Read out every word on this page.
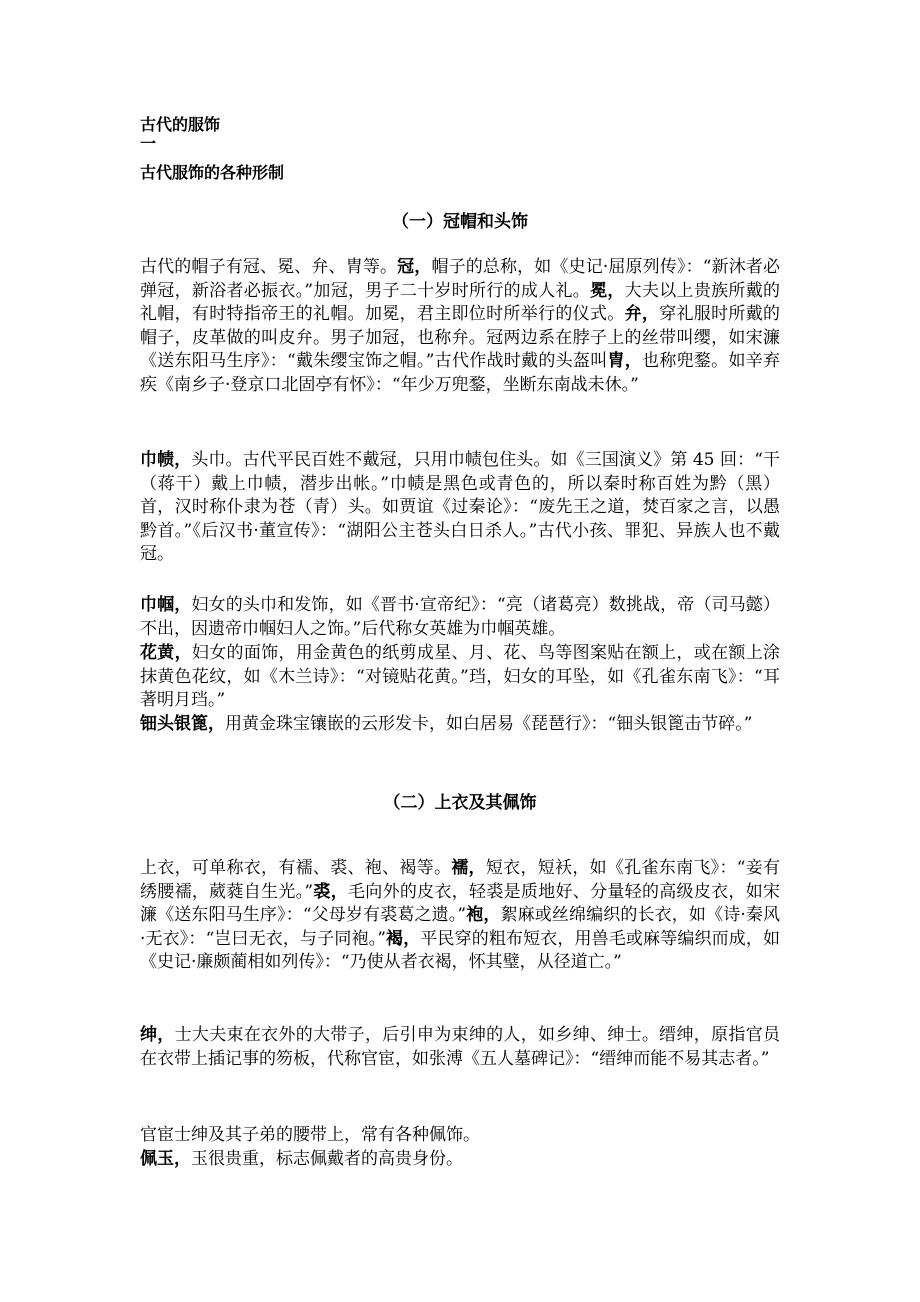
古代的服饰

一

古代服饰的各种形制

（一）冠帽和头饰

古代的帽子有冠、冕、弁、胄等。冠，帽子的总称，如《史记·屈原列传》：“新沐者必弹冠，新浴者必振衣。”加冠，男子二十岁时所行的成人礼。冕，大夫以上贵族所戴的礼帽，有时特指帝王的礼帽。加冕，君主即位时所举行的仪式。弁，穿礼服时所戴的帽子，皮革做的叫皮弁。男子加冠，也称弁。冠两边系在脖子上的丝带叫缨，如宋濂《送东阳马生序》：“戴朱缨宝饰之帽。”古代作战时戴的头盔叫胄，也称兜鍪。如辛弃疾《南乡子·登京口北固亭有怀》：“年少万兜鍪，坐断东南战未休。”

巾帻，头巾。古代平民百姓不戴冠，只用巾帻包住头。如《三国演义》第 45 回：“干（蒋干）戴上巾帻，潜步出帐。”巾帻是黑色或青色的，所以秦时称百姓为黔（黑）首，汉时称仆隶为苍（青）头。如贾谊《过秦论》：“废先王之道，焚百家之言，以愚黔首。”《后汉书·董宣传》：“湖阳公主苍头白日杀人。”古代小孩、罪犯、异族人也不戴冠。

巾帼，妇女的头巾和发饰，如《晋书·宣帝纪》：“亮（诸葛亮）数挑战，帝（司马懿）不出，因遗帝巾帼妇人之饰。”后代称女英雄为巾帼英雄。

花黄，妇女的面饰，用金黄色的纸剪成星、月、花、鸟等图案贴在额上，或在额上涂抹黄色花纹，如《木兰诗》：“对镜贴花黄。”珰，妇女的耳坠，如《孔雀东南飞》：“耳著明月珰。”

钿头银篦，用黄金珠宝镶嵌的云形发卡，如白居易《琵琶行》：“钿头银篦击节碎。”

（二）上衣及其佩饰

上衣，可单称衣，有襦、裘、袍、褐等。襦，短衣，短袄，如《孔雀东南飞》：“妾有绣腰襦，葳蕤自生光。”裘，毛向外的皮衣，轻裘是质地好、分量轻的高级皮衣，如宋濂《送东阳马生序》：“父母岁有裘葛之遗。”袍，絮麻或丝绵编织的长衣，如《诗·秦风·无衣》：“岂曰无衣，与子同袍。”褐，平民穿的粗布短衣，用兽毛或麻等编织而成，如《史记·廉颇蔺相如列传》：“乃使从者衣褐，怀其璧，从径道亡。”

绅，士大夫束在衣外的大带子，后引申为束绅的人，如乡绅、绅士。缙绅，原指官员在衣带上插记事的笏板，代称官宦，如张溥《五人墓碑记》：“缙绅而能不易其志者。”

官宦士绅及其子弟的腰带上，常有各种佩饰。

佩玉，玉很贵重，标志佩戴者的高贵身份。
